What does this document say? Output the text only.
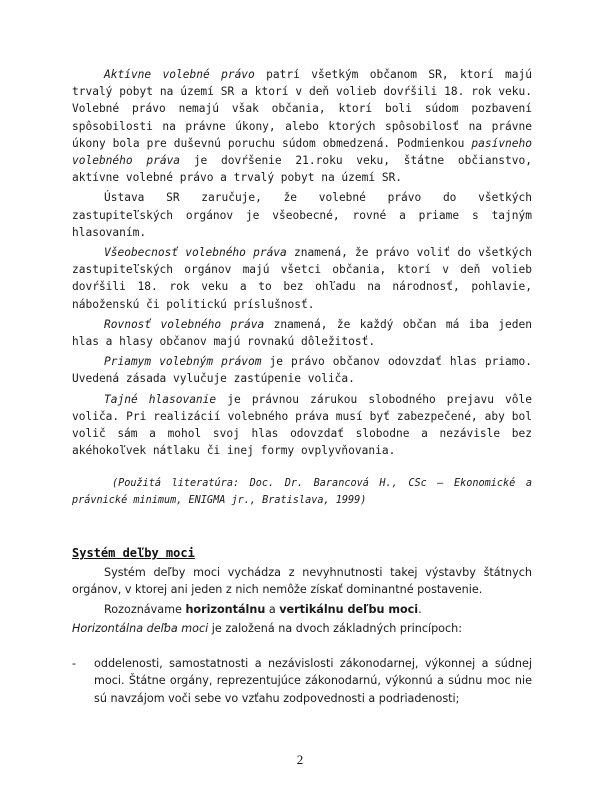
Aktívne volebné právo patrí všetkým občanom SR, ktorí majú trvalý pobyt na území SR a ktorí v deň volieb dovŕšili 18. rok veku. Volebné právo nemajú však občania, ktorí boli súdom pozbavení spôsobilosti na právne úkony, alebo ktorých spôsobilosť na právne úkony bola pre duševnú poruchu súdom obmedzená. Podmienkou pasívneho volebného práva je dovŕšenie 21.roku veku, štátne občianstvo, aktívne volebné právo a trvalý pobyt na území SR.

Ústava SR zaručuje, že volebné právo do všetkých zastupiteľských orgánov je všeobecné, rovné a priame s tajným hlasovaním.

Všeobecnosť volebného práva znamená, že právo voliť do všetkých zastupiteľských orgánov majú všetci občania, ktorí v deň volieb dovŕšili 18. rok veku a to bez ohľadu na národnosť, pohlavie, náboženskú či politickú príslušnosť.

Rovnosť volebného práva znamená, že každý občan má iba jeden hlas a hlasy občanov majú rovnakú dôležitosť.

Priamym volebným právom je právo občanov odovzdať hlas priamo. Uvedená zásada vylučuje zastúpenie voliča.

Tajné hlasovanie je právnou zárukou slobodného prejavu vôle voliča. Pri realizácií volebného práva musí byť zabezpečené, aby bol volič sám a mohol svoj hlas odovzdať slobodne a nezávisle bez akéhokoľvek nátlaku či inej formy ovplyvňovania.

(Použitá literatúra: Doc. Dr. Barancová H., CSc – Ekonomické a právnické minimum, ENIGMA jr., Bratislava, 1999)
Systém deľby moci

Systém deľby moci vychádza z nevyhnutnosti takej výstavby štátnych orgánov, v ktorej ani jeden z nich nemôže získať dominantné postavenie.

Rozoznávame horizontálnu a vertikálnu deľbu moci.

Horizontálna deľba moci je založená na dvoch základných princípoch:

- oddelenosti, samostatnosti a nezávislosti zákonodarnej, výkonnej a súdnej moci. Štátne orgány, reprezentujúce zákonodarnú, výkonnú a súdnu moc nie sú navzájom voči sebe vo vzťahu zodpovednosti a podriadenosti;
2
